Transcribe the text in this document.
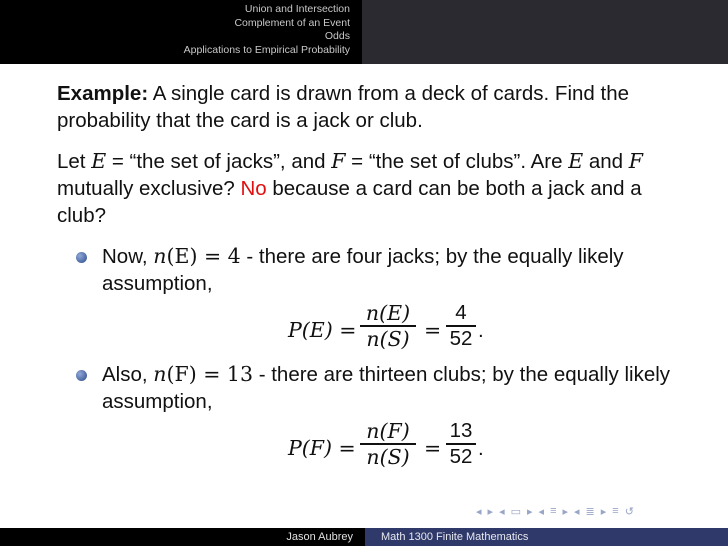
Union and Intersection
Complement of an Event
Odds
Applications to Empirical Probability

Example: A single card is drawn from a deck of cards. Find the probability that the card is a jack or club.

Let E = “the set of jacks”, and F = “the set of clubs”. Are E and F mutually exclusive? No because a card can be both a jack and a club?

Now, n(E) = 4 - there are four jacks; by the equally likely assumption,
P(E) =
n(E)
n(S) =
4
52 .
Also, n(F) = 13 - there are thirteen clubs; by the equally likely assumption,
P(F) =
n(F)
n(S) =
13
52 .
◂ ▸ ◂ ▭ ▸ ◂ ≡ ▸ ◂ ≣ ▸ ≡ ↺
Jason Aubrey	Math 1300 Finite Mathematics
